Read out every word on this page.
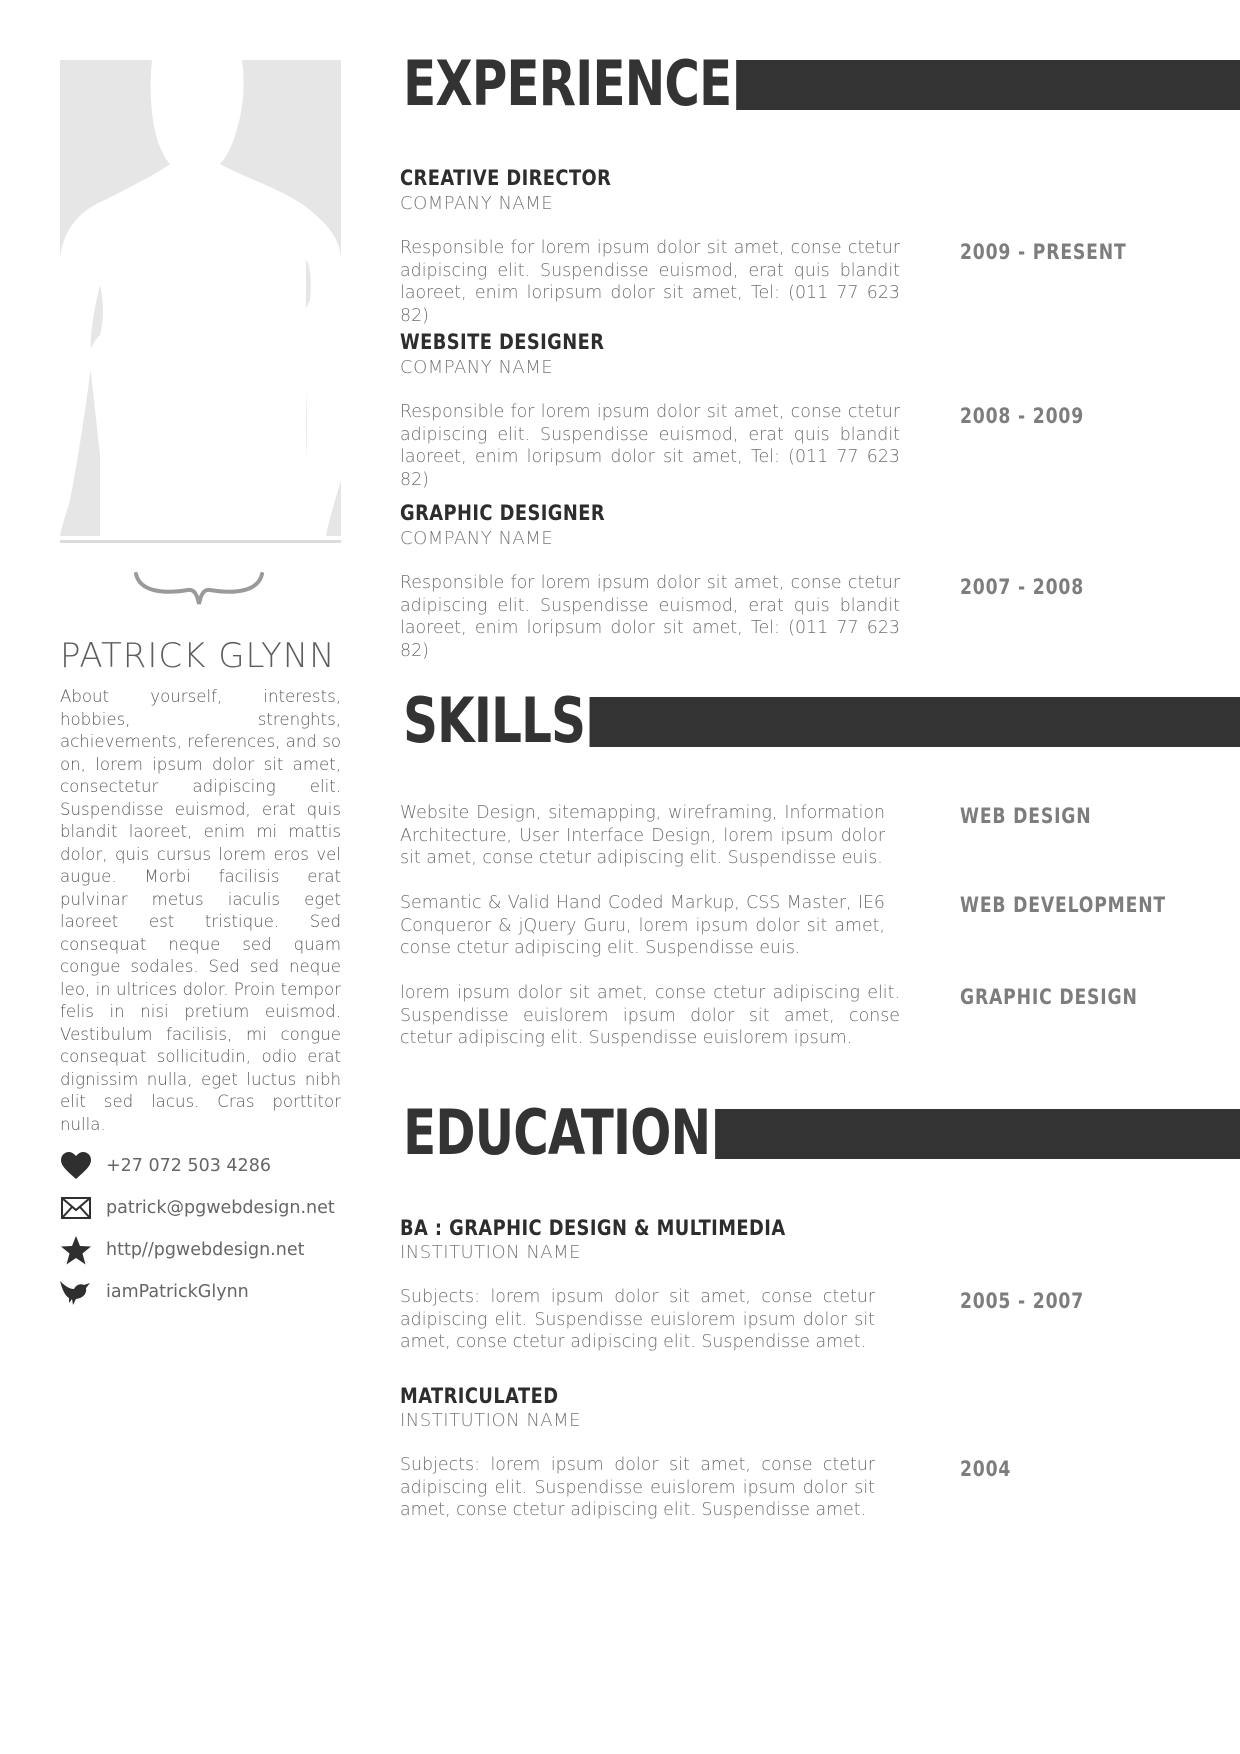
PATRICK GLYNN
About yourself, interests, hobbies, strenghts, achievements, references, and so on, lorem ipsum dolor sit amet, consectetur adipiscing elit. Suspendisse euismod, erat quis blandit laoreet, enim mi mattis dolor, quis cursus lorem eros vel augue. Morbi facilisis erat pulvinar metus iaculis eget laoreet est tristique. Sed consequat neque sed quam congue sodales. Sed sed neque leo, in ultrices dolor. Proin tempor felis in nisi pretium euismod. Vestibulum facilisis, mi congue consequat sollicitudin, odio erat dignissim nulla, eget luctus nibh elit sed lacus. Cras porttitor nulla.
+27 072 503 4286
patrick@pgwebdesign.net
http//pgwebdesign.net
iamPatrickGlynn
EXPERIENCE
CREATIVE DIRECTOR
COMPANY NAME
Responsible for lorem ipsum dolor sit amet, conse ctetur adipiscing elit. Suspendisse euismod, erat quis blandit laoreet, enim loripsum dolor sit amet, Tel: (011 77 623 82)
2009 - PRESENT
WEBSITE DESIGNER
COMPANY NAME
Responsible for lorem ipsum dolor sit amet, conse ctetur adipiscing elit. Suspendisse euismod, erat quis blandit laoreet, enim loripsum dolor sit amet, Tel: (011 77 623 82)
2008 - 2009
GRAPHIC DESIGNER
COMPANY NAME
Responsible for lorem ipsum dolor sit amet, conse ctetur adipiscing elit. Suspendisse euismod, erat quis blandit laoreet, enim loripsum dolor sit amet, Tel: (011 77 623 82)
2007 - 2008
SKILLS
Website Design, sitemapping, wireframing, Information Architecture, User Interface Design, lorem ipsum dolor sit amet, conse ctetur adipiscing elit. Suspendisse euis.
WEB DESIGN
Semantic & Valid Hand Coded Markup, CSS Master, IE6 Conqueror & jQuery Guru, lorem ipsum dolor sit amet, conse ctetur adipiscing elit. Suspendisse euis.
WEB DEVELOPMENT
lorem ipsum dolor sit amet, conse ctetur adipiscing elit. Suspendisse euislorem ipsum dolor sit amet, conse ctetur adipiscing elit. Suspendisse euislorem ipsum.
GRAPHIC DESIGN
EDUCATION
BA : GRAPHIC DESIGN & MULTIMEDIA
INSTITUTION NAME
Subjects: lorem ipsum dolor sit amet, conse ctetur adipiscing elit. Suspendisse euislorem ipsum dolor sit amet, conse ctetur adipiscing elit. Suspendisse amet.
2005 - 2007
MATRICULATED
INSTITUTION NAME
Subjects: lorem ipsum dolor sit amet, conse ctetur adipiscing elit. Suspendisse euislorem ipsum dolor sit amet, conse ctetur adipiscing elit. Suspendisse amet.
2004
